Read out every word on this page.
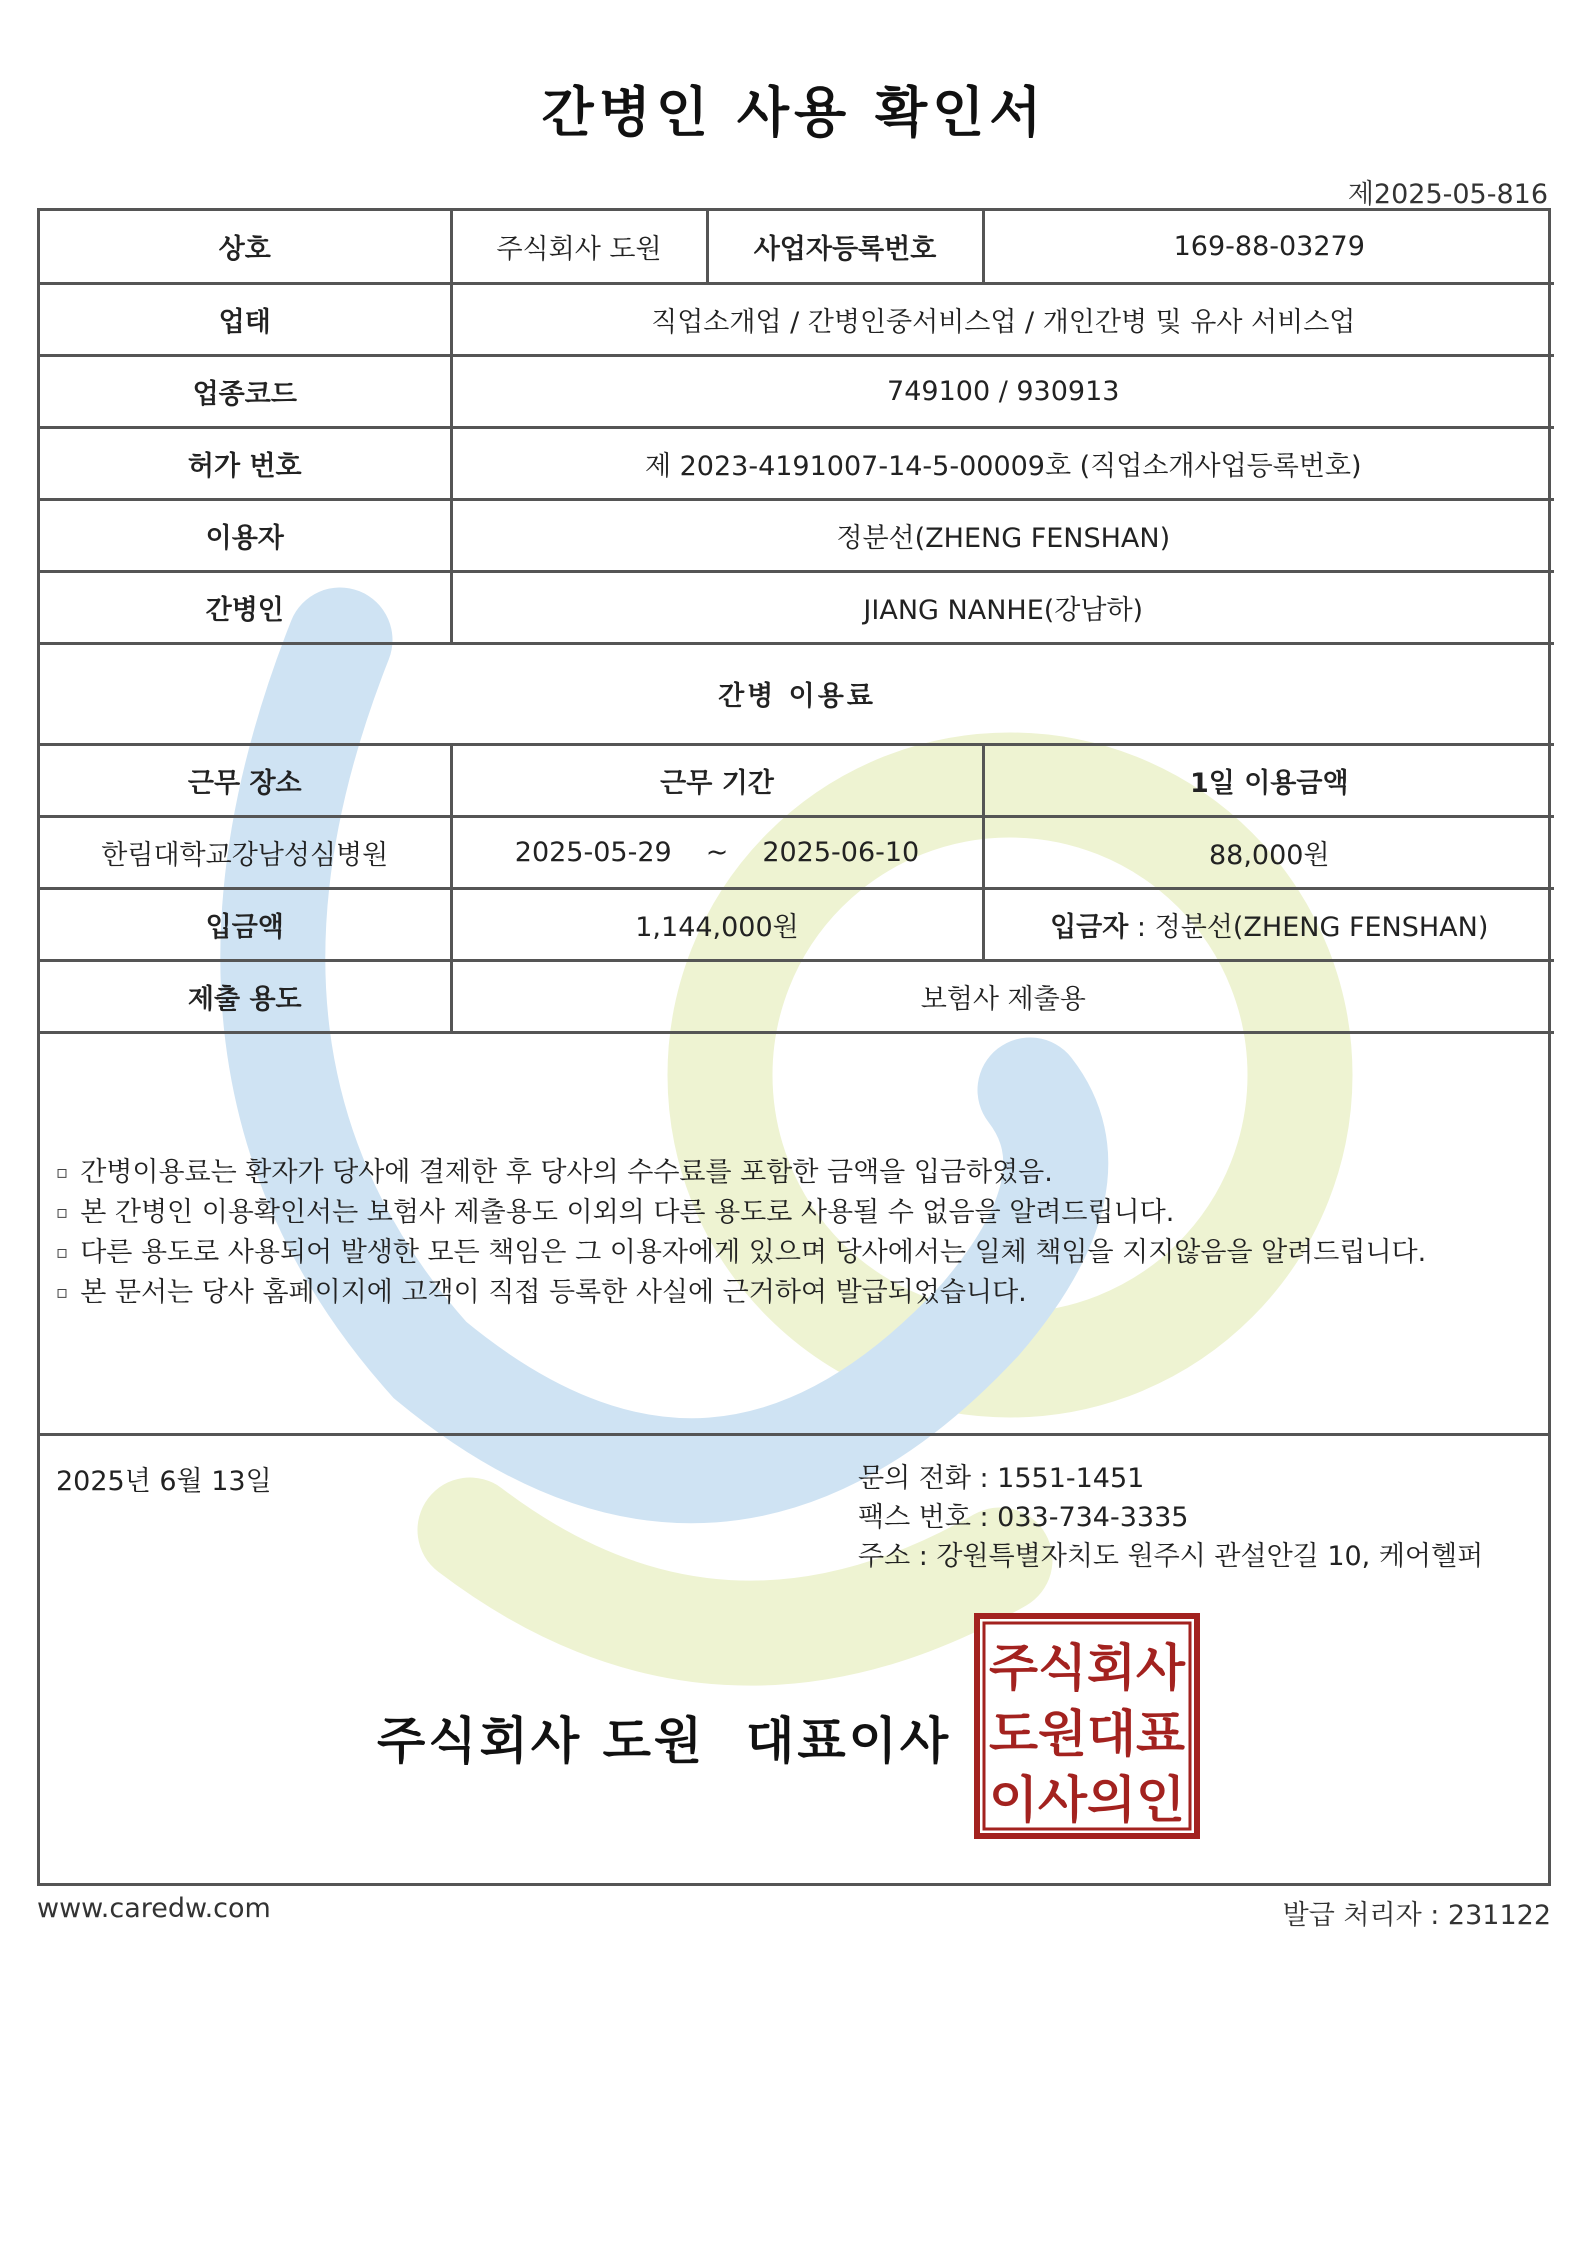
간병인 사용 확인서
제2025-05-816
상호	주식회사 도원	사업자등록번호	169-88-03279
업태	직업소개업 / 간병인중서비스업 / 개인간병 및 유사 서비스업		
업종코드	749100 / 930913		
허가 번호	제 2023-4191007-14-5-00009호 (직업소개사업등록번호)		
이용자	정분선(ZHENG FENSHAN)		
간병인	JIANG NANHE(강남하)		
간병 이용료			
근무 장소	근무 기간		1일 이용금액
한림대학교강남성심병원	2025-05-29 ~ 2025-06-10		88,000원
입금액	1,144,000원		입금자 : 정분선(ZHENG FENSHAN)
제출 용도	보험사 제출용		
▫ 간병이용료는 환자가 당사에 결제한 후 당사의 수수료를 포함한 금액을 입금하였음.
▫ 본 간병인 이용확인서는 보험사 제출용도 이외의 다른 용도로 사용될 수 없음을 알려드립니다.
▫ 다른 용도로 사용되어 발생한 모든 책임은 그 이용자에게 있으며 당사에서는 일체 책임을 지지않음을 알려드립니다.
▫ 본 문서는 당사 홈페이지에 고객이 직접 등록한 사실에 근거하여 발급되었습니다.
2025년 6월 13일	문의 전화 : 1551-1451
팩스 번호 : 033-734-3335
주소 : 강원특별자치도 원주시 관설안길 10, 케어헬퍼
주식회사 도원  대표이사
주식회사
도원대표
이사의인
www.caredw.com	발급 처리자 : 231122
